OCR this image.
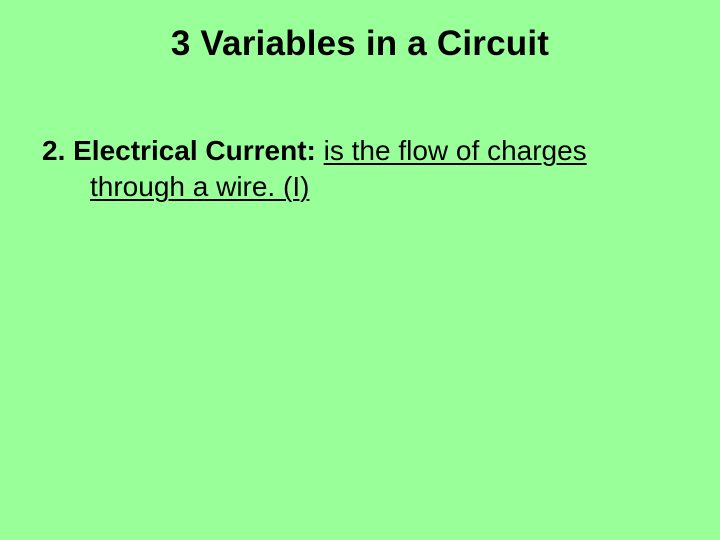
3 Variables in a Circuit
2. Electrical Current: is the flow of charges
through a wire. (I)
